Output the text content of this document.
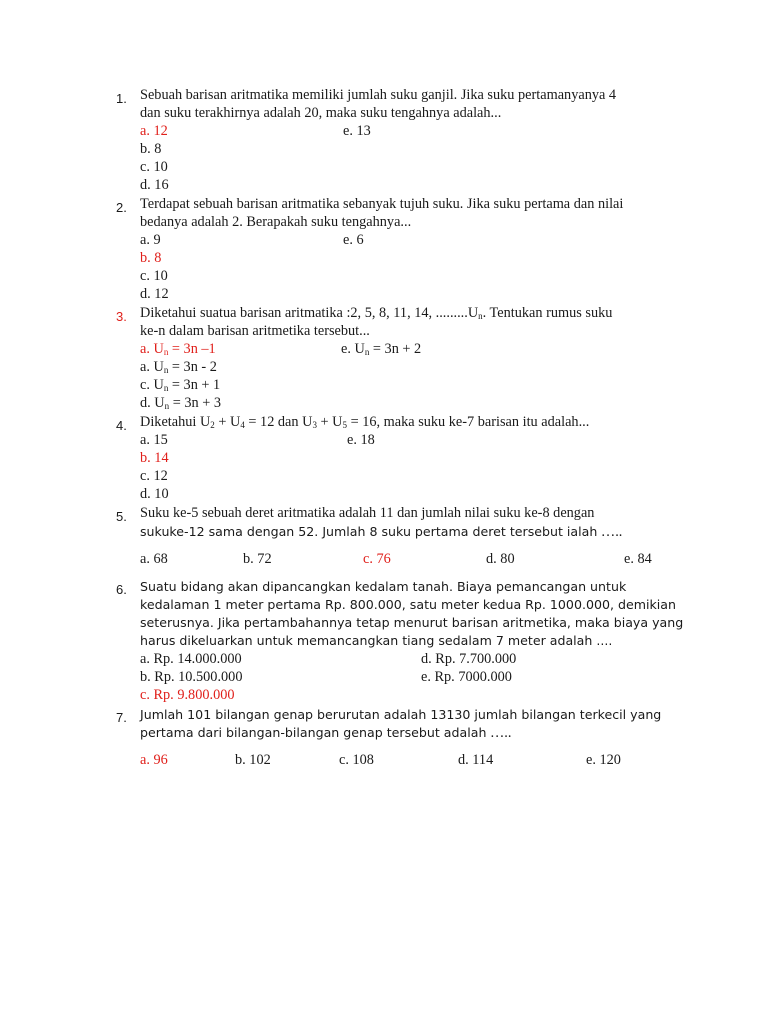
1. Sebuah barisan aritmatika memiliki jumlah suku ganjil. Jika suku pertamanyanya 4
dan suku terakhirnya adalah 20, maka suku tengahnya adalah...
a. 12
b. 8
c. 10
d. 16
e. 13
2. Terdapat sebuah barisan aritmatika sebanyak tujuh suku. Jika suku pertama dan nilai
bedanya adalah 2. Berapakah suku tengahnya...
a. 9
b. 8
c. 10
d. 12
e. 6
3. Diketahui suatua barisan aritmatika :2, 5, 8, 11, 14, $.........U_n$. Tentukan rumus suku
ke-n dalam barisan aritmetika tersebut...
a. $U_n = 3n$ –1
a. $U_n = 3n - 2$
c. $U_n = 3n + 1$
d. $U_n = 3n + 3$
e. $U_n = 3n + 2$
4. Diketahui $U_2 + U_4 = 12$ dan $U_3 + U_5 = 16$, maka suku ke-7 barisan itu adalah...
a. 15
b. 14
c. 12
d. 10
e. 18
5. Suku ke-5 sebuah deret aritmatika adalah 11 dan jumlah nilai suku ke-8 dengan
sukuke-12 sama dengan 52. Jumlah 8 suku pertama deret tersebut ialah …..
a. 68	b. 72	c. 76	d. 80	e. 84
6. Suatu bidang akan dipancangkan kedalam tanah. Biaya pemancangan untuk
kedalaman 1 meter pertama Rp. 800.000, satu meter kedua Rp. 1000.000, demikian
seterusnya. Jika pertambahannya tetap menurut barisan aritmetika, maka biaya yang
harus dikeluarkan untuk memancangkan tiang sedalam 7 meter adalah ....
a. Rp. 14.000.000
b. Rp. 10.500.000
c. Rp. 9.800.000
d. Rp. 7.700.000
e. Rp. 7000.000
7. Jumlah 101 bilangan genap berurutan adalah 13130 jumlah bilangan terkecil yang
pertama dari bilangan-bilangan genap tersebut adalah …..
a. 96	b. 102	c. 108	d. 114	e. 120
